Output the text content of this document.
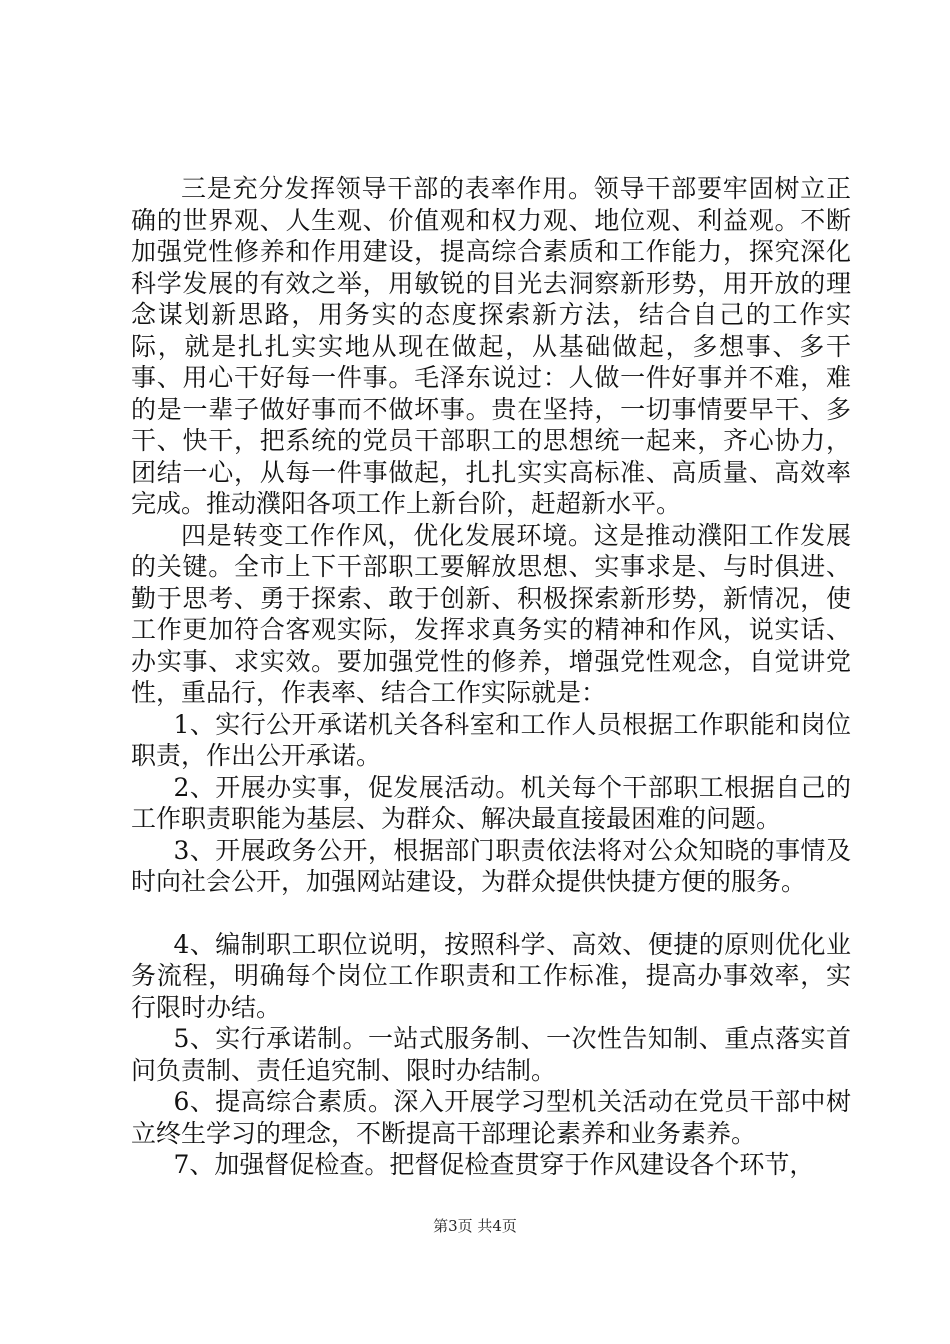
三是充分发挥领导干部的表率作用。领导干部要牢固树立正确的世界观、人生观、价值观和权力观、地位观、利益观。不断加强党性修养和作用建设，提高综合素质和工作能力，探究深化科学发展的有效之举，用敏锐的目光去洞察新形势，用开放的理念谋划新思路，用务实的态度探索新方法，结合自己的工作实际，就是扎扎实实地从现在做起，从基础做起，多想事、多干事、用心干好每一件事。毛泽东说过：人做一件好事并不难，难的是一辈子做好事而不做坏事。贵在坚持，一切事情要早干、多干、快干，把系统的党员干部职工的思想统一起来，齐心协力，团结一心，从每一件事做起，扎扎实实高标准、高质量、高效率完成。推动濮阳各项工作上新台阶，赶超新水平。

四是转变工作作风，优化发展环境。这是推动濮阳工作发展的关键。全市上下干部职工要解放思想、实事求是、与时俱进、勤于思考、勇于探索、敢于创新、积极探索新形势，新情况，使工作更加符合客观实际，发挥求真务实的精神和作风，说实话、办实事、求实效。要加强党性的修养，增强党性观念，自觉讲党性，重品行，作表率、结合工作实际就是：

1、实行公开承诺机关各科室和工作人员根据工作职能和岗位职责，作出公开承诺。

2、开展办实事，促发展活动。机关每个干部职工根据自己的工作职责职能为基层、为群众、解决最直接最困难的问题。

3、开展政务公开，根据部门职责依法将对公众知晓的事情及时向社会公开，加强网站建设，为群众提供快捷方便的服务。

4、编制职工职位说明，按照科学、高效、便捷的原则优化业务流程，明确每个岗位工作职责和工作标准，提高办事效率，实行限时办结。

5、实行承诺制。一站式服务制、一次性告知制、重点落实首问负责制、责任追究制、限时办结制。

6、提高综合素质。深入开展学习型机关活动在党员干部中树立终生学习的理念，不断提高干部理论素养和业务素养。

7、加强督促检查。把督促检查贯穿于作风建设各个环节，

第3页 共4页
